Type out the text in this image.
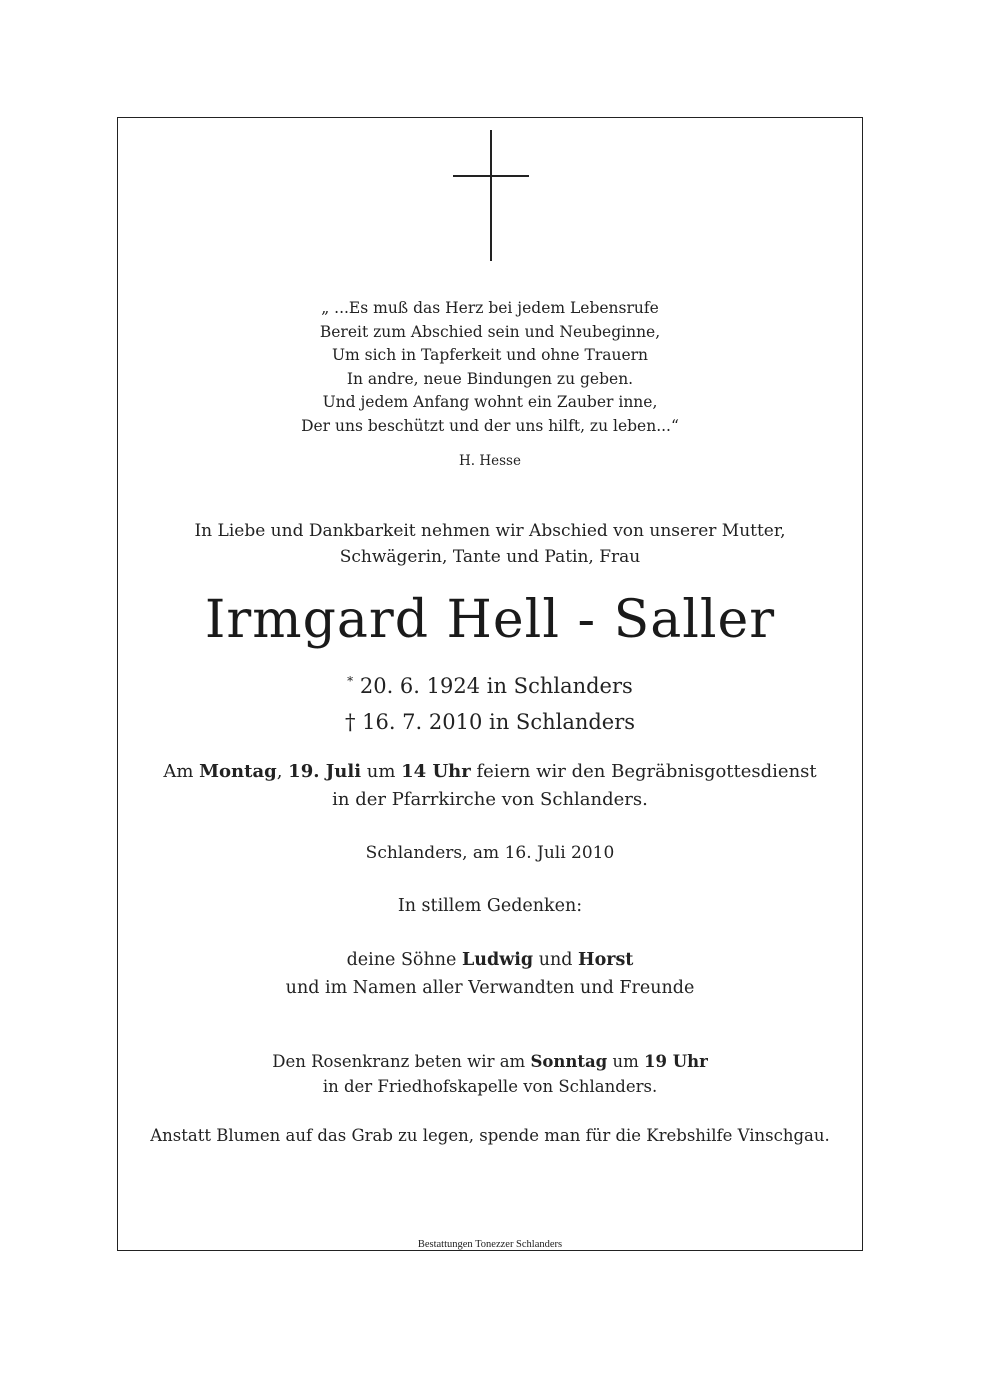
„ ...Es muß das Herz bei jedem Lebensrufe
Bereit zum Abschied sein und Neubeginne,
Um sich in Tapferkeit und ohne Trauern
In andre, neue Bindungen zu geben.
Und jedem Anfang wohnt ein Zauber inne,
Der uns beschützt und der uns hilft, zu leben...“
H. Hesse
In Liebe und Dankbarkeit nehmen wir Abschied von unserer Mutter,
Schwägerin, Tante und Patin, Frau
Irmgard Hell - Saller
* 20. 6. 1924 in Schlanders
† 16. 7. 2010 in Schlanders
Am Montag, 19. Juli um 14 Uhr feiern wir den Begräbnisgottesdienst
in der Pfarrkirche von Schlanders.
Schlanders, am 16. Juli 2010
In stillem Gedenken:
deine Söhne Ludwig und Horst
und im Namen aller Verwandten und Freunde
Den Rosenkranz beten wir am Sonntag um 19 Uhr
in der Friedhofskapelle von Schlanders.
Anstatt Blumen auf das Grab zu legen, spende man für die Krebshilfe Vinschgau.
Bestattungen Tonezzer Schlanders
